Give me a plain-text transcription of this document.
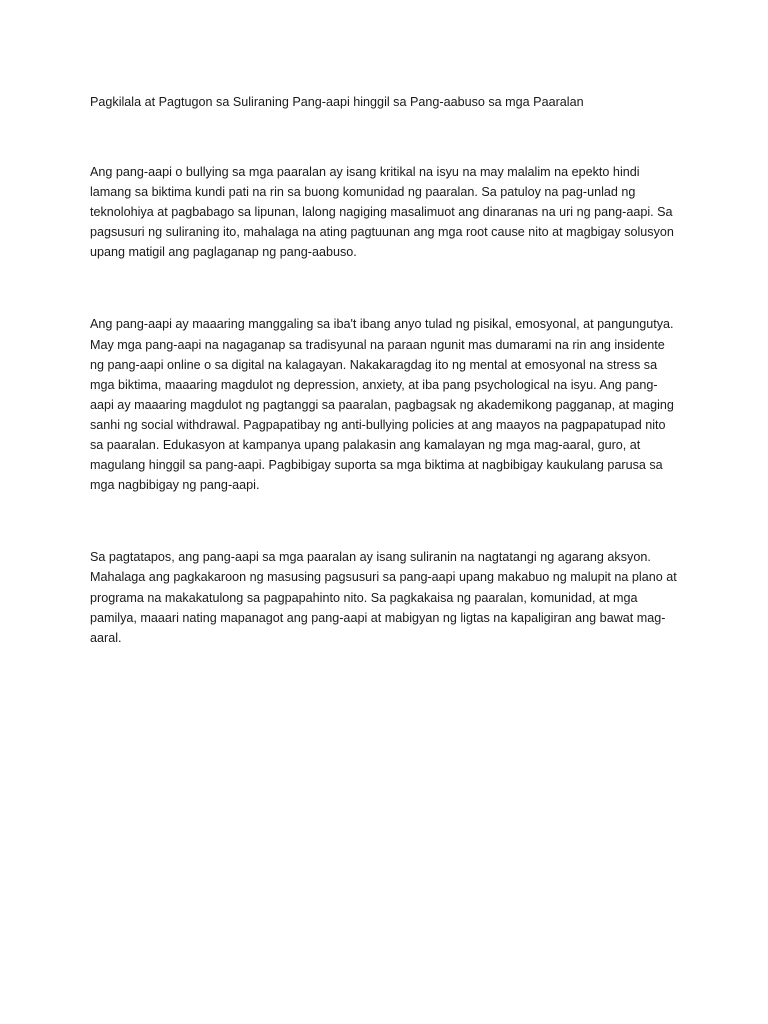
Pagkilala at Pagtugon sa Suliraning Pang-aapi hinggil sa Pang-aabuso sa mga Paaralan

Ang pang-aapi o bullying sa mga paaralan ay isang kritikal na isyu na may malalim na epekto hindi lamang sa biktima kundi pati na rin sa buong komunidad ng paaralan. Sa patuloy na pag-unlad ng teknolohiya at pagbabago sa lipunan, lalong nagiging masalimuot ang dinaranas na uri ng pang-aapi. Sa pagsusuri ng suliraning ito, mahalaga na ating pagtuunan ang mga root cause nito at magbigay solusyon upang matigil ang paglaganap ng pang-aabuso.

Ang pang-aapi ay maaaring manggaling sa iba't ibang anyo tulad ng pisikal, emosyonal, at pangungutya. May mga pang-aapi na nagaganap sa tradisyunal na paraan ngunit mas dumarami na rin ang insidente ng pang-aapi online o sa digital na kalagayan. Nakakaragdag ito ng mental at emosyonal na stress sa mga biktima, maaaring magdulot ng depression, anxiety, at iba pang psychological na isyu. Ang pang-aapi ay maaaring magdulot ng pagtanggi sa paaralan, pagbagsak ng akademikong pagganap, at maging sanhi ng social withdrawal. Pagpapatibay ng anti-bullying policies at ang maayos na pagpapatupad nito sa paaralan. Edukasyon at kampanya upang palakasin ang kamalayan ng mga mag-aaral, guro, at magulang hinggil sa pang-aapi. Pagbibigay suporta sa mga biktima at nagbibigay kaukulang parusa sa mga nagbibigay ng pang-aapi.

Sa pagtatapos, ang pang-aapi sa mga paaralan ay isang suliranin na nagtatangi ng agarang aksyon. Mahalaga ang pagkakaroon ng masusing pagsusuri sa pang-aapi upang makabuo ng malupit na plano at programa na makakatulong sa pagpapahinto nito. Sa pagkakaisa ng paaralan, komunidad, at mga pamilya, maaari nating mapanagot ang pang-aapi at mabigyan ng ligtas na kapaligiran ang bawat mag-aaral.
